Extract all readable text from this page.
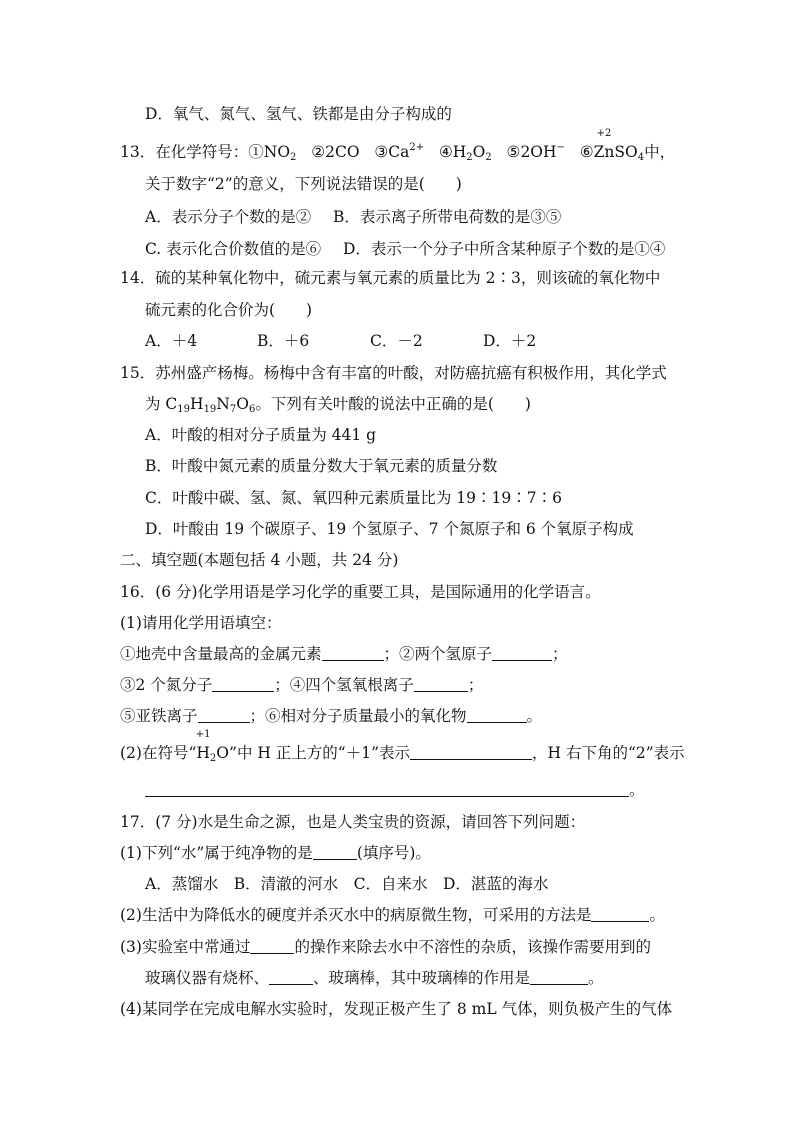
D．氧气、氮气、氢气、铁都是由分子构成的
13．在化学符号：$①NO_2$ ②2CO $③Ca^{2+}$ $④H_2O_2$ ⑤2OH− ⑥
+2
ZnSO$_4$中，
关于数字“2”的意义，下列说法错误的是(　　)
A．表示分子个数的是② B．表示离子所带电荷数的是③⑤
C. 表示化合价数值的是⑥ D．表示一个分子中所含某种原子个数的是①④
14．硫的某种氧化物中，硫元素与氧元素的质量比为 2∶3，则该硫的氧化物中
硫元素的化合价为(　　)
A．＋4	B．＋6	C．－2	D．＋2
15．苏州盛产杨梅。杨梅中含有丰富的叶酸，对防癌抗癌有积极作用，其化学式
为 $C_{19}H_{19}N_7O_6$。下列有关叶酸的说法中正确的是(　　)
A．叶酸的相对分子质量为 441 g
B．叶酸中氮元素的质量分数大于氧元素的质量分数
C．叶酸中碳、氢、氮、氧四种元素质量比为 19∶19∶7∶6
D．叶酸由 19 个碳原子、19 个氢原子、7 个氮原子和 6 个氧原子构成
二、填空题(本题包括 4 小题，共 24 分)
16．(6 分)化学用语是学习化学的重要工具，是国际通用的化学语言。
(1)请用化学用语填空：
①地壳中含量最高的金属元素	；②两个氢原子	；
③2 个氮分子	；④四个氢氧根离子	；
⑤亚铁离子	；⑥相对分子质量最小的氧化物	。
(2)在符号“
+1
$H_2O$”中 H 正上方的“＋1”表示	，H 右下角的“2”表示
。
17．(7 分)水是生命之源，也是人类宝贵的资源，请回答下列问题：
(1)下列“水”属于纯净物的是	(填序号)。
A．蒸馏水　B．清澈的河水　C．自来水　D．湛蓝的海水
(2)生活中为降低水的硬度并杀灭水中的病原微生物，可采用的方法是	。
(3)实验室中常通过	的操作来除去水中不溶性的杂质，该操作需要用到的
玻璃仪器有烧杯、	、玻璃棒，其中玻璃棒的作用是	。
(4)某同学在完成电解水实验时，发现正极产生了 8 mL 气体，则负极产生的气体
